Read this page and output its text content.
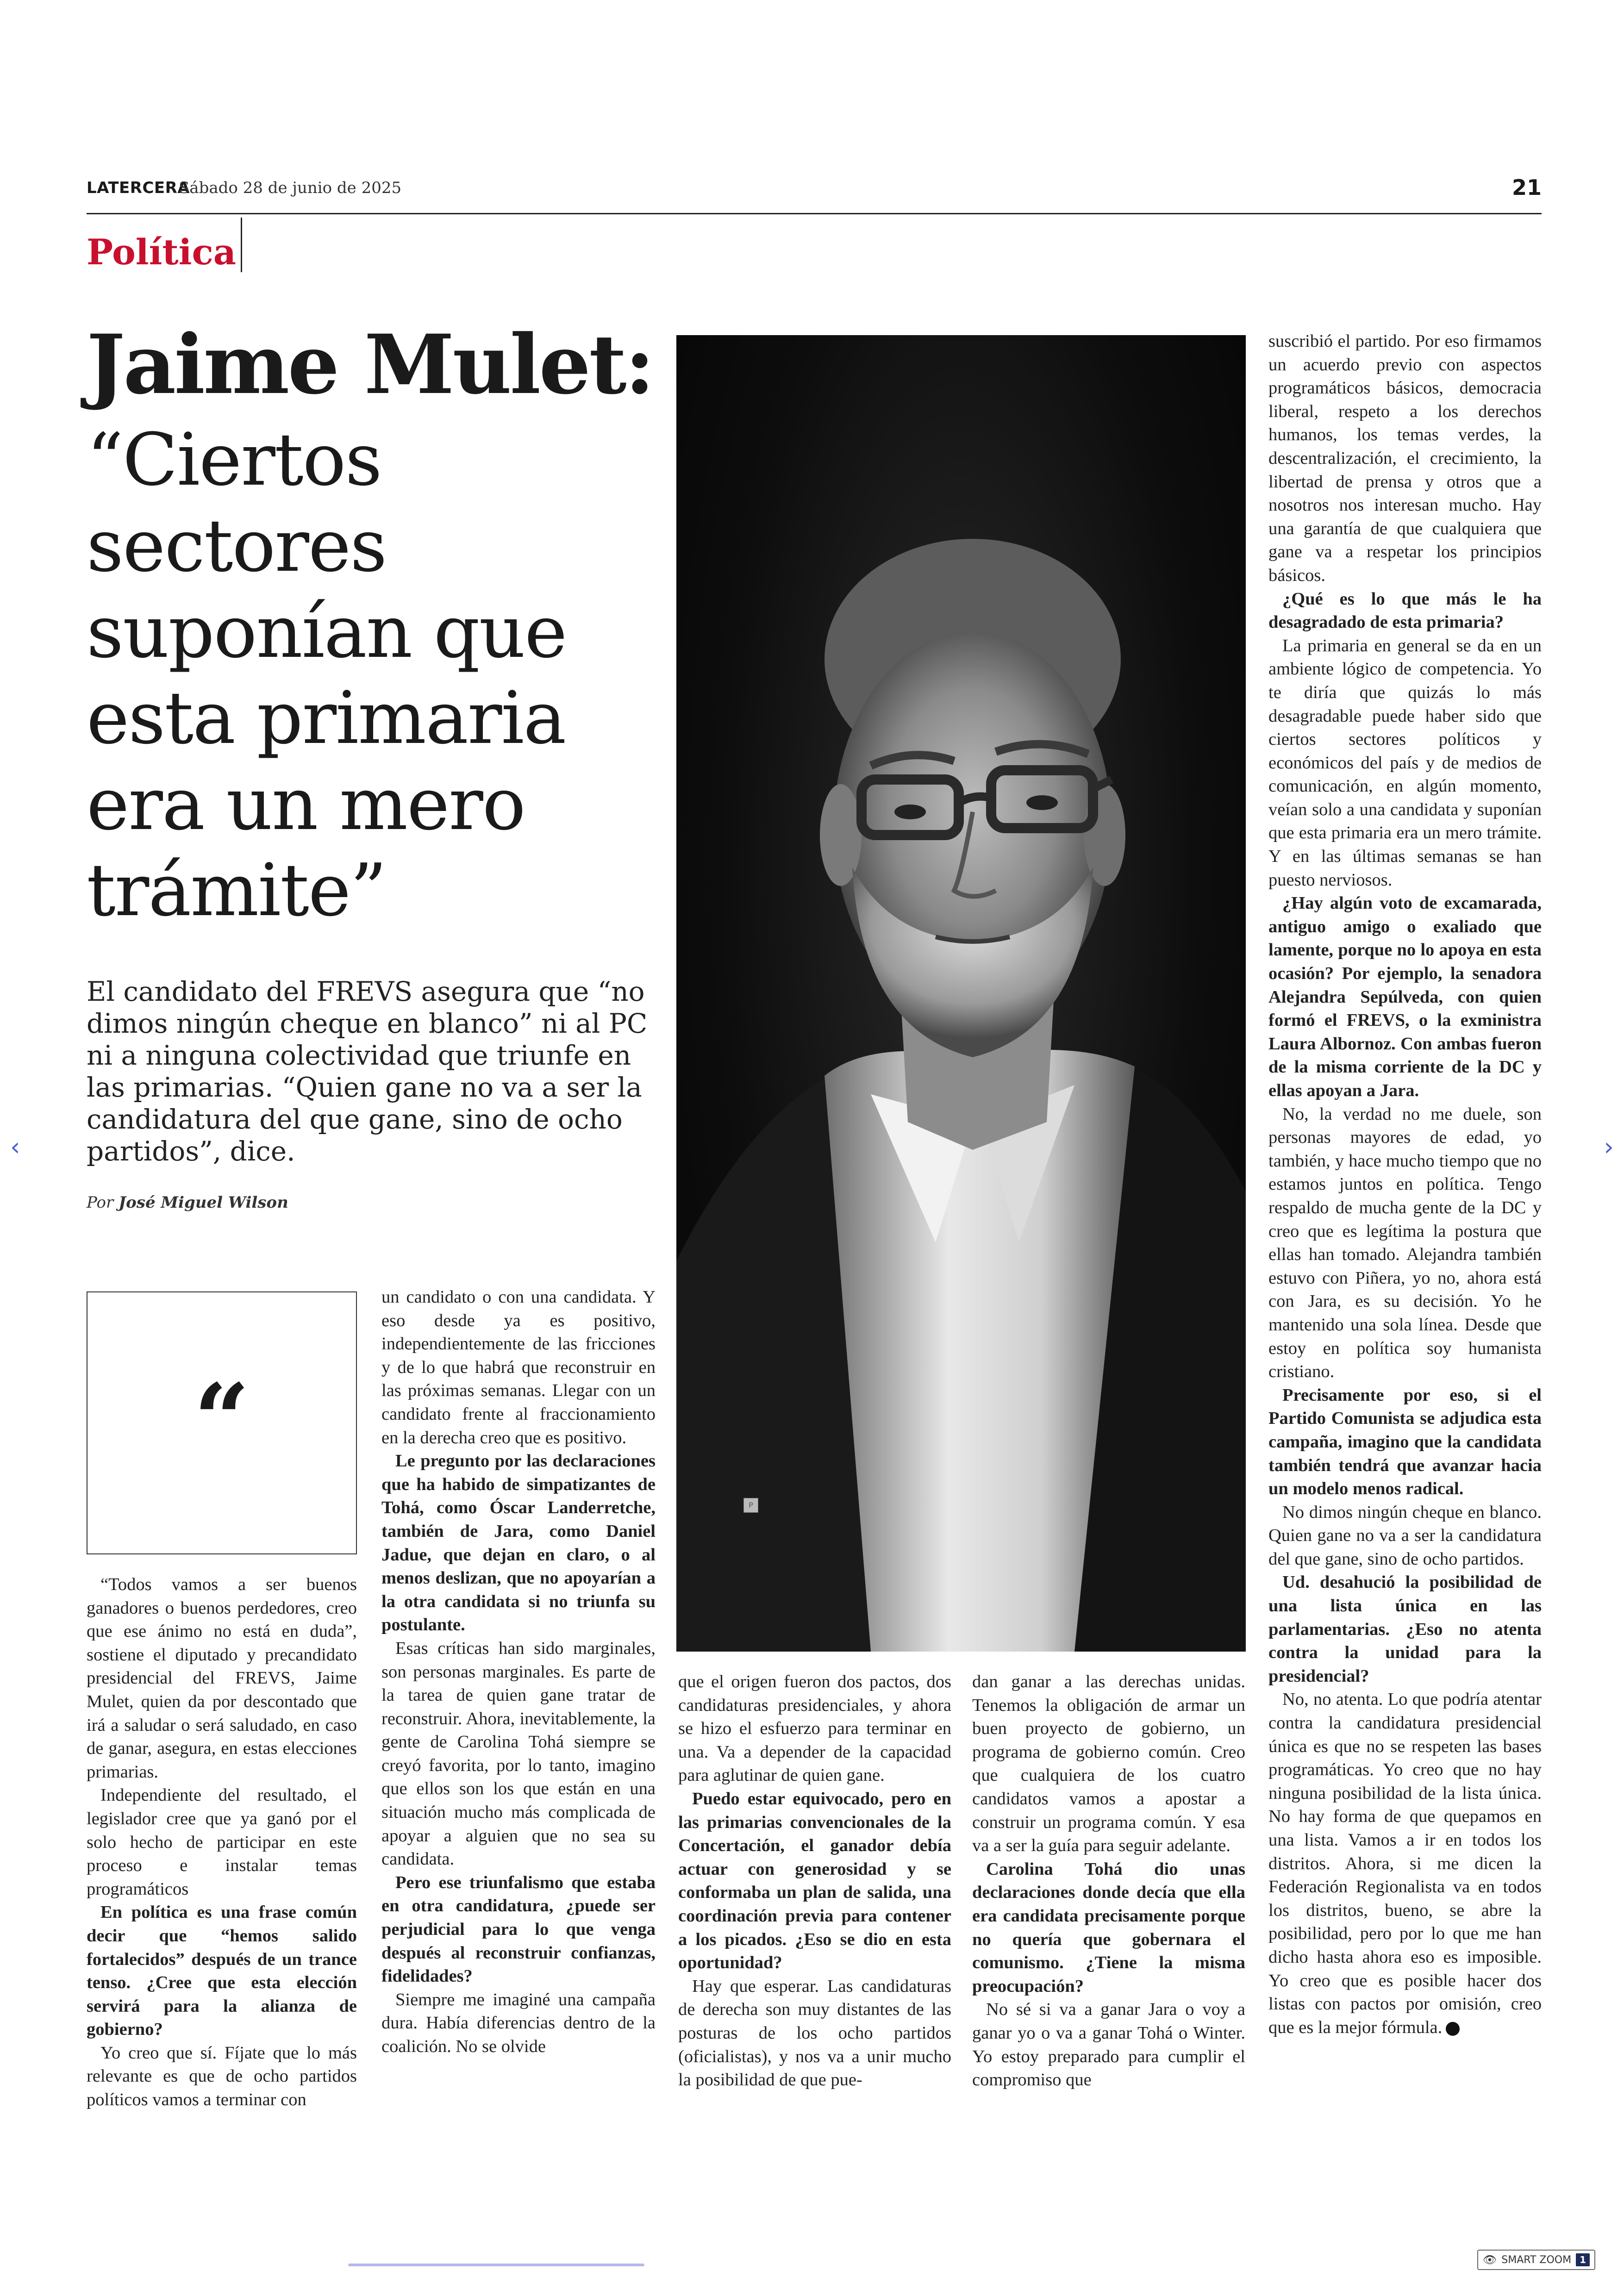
LATERCERA
Sábado 28 de junio de 2025	21
Política
Jaime Mulet:
“Ciertos sectores suponían que esta primaria era un mero trámite”
El candidato del FREVS asegura que “no dimos ningún cheque en blanco” ni al PC ni a ninguna colectividad que triunfe en las primarias. “Quien gane no va a ser la candidatura del que gane, sino de ocho partidos”, dice.
Por José Miguel Wilson
“
P

“Todos vamos a ser buenos ganadores o buenos perdedores, creo que ese ánimo no está en duda”, sostiene el diputado y precandidato presidencial del FREVS, Jaime Mulet, quien da por descontado que irá a saludar o será saludado, en caso de ganar, asegura, en estas elecciones primarias.

Independiente del resultado, el legislador cree que ya ganó por el solo hecho de participar en este proceso e instalar temas programáticos

En política es una frase común decir que “hemos salido fortalecidos” después de un trance tenso. ¿Cree que esta elección servirá para la alianza de gobierno?

Yo creo que sí. Fíjate que lo más relevante es que de ocho partidos políticos vamos a terminar con

un candidato o con una candidata. Y eso desde ya es positivo, independientemente de las fricciones y de lo que habrá que reconstruir en las próximas semanas. Llegar con un candidato frente al fraccionamiento en la derecha creo que es positivo.

Le pregunto por las declaraciones que ha habido de simpatizantes de Tohá, como Óscar Landerretche, también de Jara, como Daniel Jadue, que dejan en claro, o al menos deslizan, que no apoyarían a la otra candidata si no triunfa su postulante.

Esas críticas han sido marginales, son personas marginales. Es parte de la tarea de quien gane tratar de reconstruir. Ahora, inevitablemente, la gente de Carolina Tohá siempre se creyó favorita, por lo tanto, imagino que ellos son los que están en una situación mucho más complicada de apoyar a alguien que no sea su candidata.

Pero ese triunfalismo que estaba en otra candidatura, ¿puede ser perjudicial para lo que venga después al reconstruir confianzas, fidelidades?

Siempre me imaginé una campaña dura. Había diferencias dentro de la coalición. No se olvide

que el origen fueron dos pactos, dos candidaturas presidenciales, y ahora se hizo el esfuerzo para terminar en una. Va a depender de la capacidad para aglutinar de quien gane.

Puedo estar equivocado, pero en las primarias convencionales de la Concertación, el ganador debía actuar con generosidad y se conformaba un plan de salida, una coordinación previa para contener a los picados. ¿Eso se dio en esta oportunidad?

Hay que esperar. Las candidaturas de derecha son muy distantes de las posturas de los ocho partidos (oficialistas), y nos va a unir mucho la posibilidad de que pue-

dan ganar a las derechas unidas. Tenemos la obligación de armar un buen proyecto de gobierno, un programa de gobierno común. Creo que cualquiera de los cuatro candidatos vamos a apostar a construir un programa común. Y esa va a ser la guía para seguir adelante.

Carolina Tohá dio unas declaraciones donde decía que ella era candidata precisamente porque no quería que gobernara el comunismo. ¿Tiene la misma preocupación?

No sé si va a ganar Jara o voy a ganar yo o va a ganar Tohá o Winter. Yo estoy preparado para cumplir el compromiso que

suscribió el partido. Por eso firmamos un acuerdo previo con aspectos programáticos básicos, democracia liberal, respeto a los derechos humanos, los temas verdes, la descentralización, el crecimiento, la libertad de prensa y otros que a nosotros nos interesan mucho. Hay una garantía de que cualquiera que gane va a respetar los principios básicos.

¿Qué es lo que más le ha desagradado de esta primaria?

La primaria en general se da en un ambiente lógico de competencia. Yo te diría que quizás lo más desagradable puede haber sido que ciertos sectores políticos y económicos del país y de medios de comunicación, en algún momento, veían solo a una candidata y suponían que esta primaria era un mero trámite. Y en las últimas semanas se han puesto nerviosos.

¿Hay algún voto de excamarada, antiguo amigo o exaliado que lamente, porque no lo apoya en esta ocasión? Por ejemplo, la senadora Alejandra Sepúlveda, con quien formó el FREVS, o la exministra Laura Albornoz. Con ambas fueron de la misma corriente de la DC y ellas apoyan a Jara.

No, la verdad no me duele, son personas mayores de edad, yo también, y hace mucho tiempo que no estamos juntos en política. Tengo respaldo de mucha gente de la DC y creo que es legítima la postura que ellas han tomado. Alejandra también estuvo con Piñera, yo no, ahora está con Jara, es su decisión. Yo he mantenido una sola línea. Desde que estoy en política soy humanista cristiano.

Precisamente por eso, si el Partido Comunista se adjudica esta campaña, imagino que la candidata también tendrá que avanzar hacia un modelo menos radical.

No dimos ningún cheque en blanco. Quien gane no va a ser la candidatura del que gane, sino de ocho partidos.

Ud. desahució la posibilidad de una lista única en las parlamentarias. ¿Eso no atenta contra la unidad para la presidencial?

No, no atenta. Lo que podría atentar contra la candidatura presidencial única es que no se respeten las bases programáticas. Yo creo que no hay ninguna posibilidad de la lista única. No hay forma de que quepamos en una lista. Vamos a ir en todos los distritos. Ahora, si me dicen la Federación Regionalista va en todos los distritos, bueno, se abre la posibilidad, pero por lo que me han dicho hasta ahora eso es imposible. Yo creo que es posible hacer dos listas con pactos por omisión, creo que es la mejor fórmula.

‹	›
👁 SMART ZOOM 1
